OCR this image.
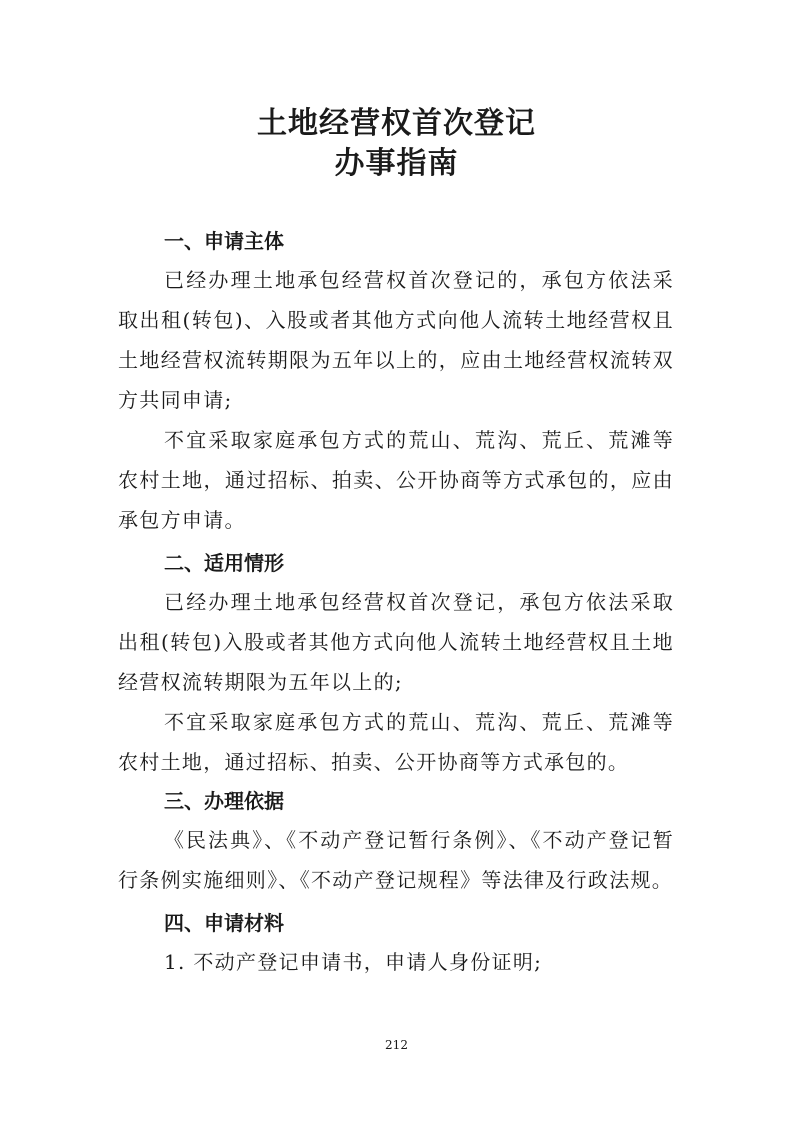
土地经营权首次登记
办事指南
一、申请主体

已经办理土地承包经营权首次登记的，承包方依法采取出租(转包)、入股或者其他方式向他人流转土地经营权且土地经营权流转期限为五年以上的，应由土地经营权流转双方共同申请;

不宜采取家庭承包方式的荒山、荒沟、荒丘、荒滩等农村土地，通过招标、拍卖、公开协商等方式承包的，应由承包方申请。

二、适用情形

已经办理土地承包经营权首次登记，承包方依法采取出租(转包)入股或者其他方式向他人流转土地经营权且土地经营权流转期限为五年以上的;

不宜采取家庭承包方式的荒山、荒沟、荒丘、荒滩等农村土地，通过招标、拍卖、公开协商等方式承包的。

三、办理依据

《民法典》、《不动产登记暂行条例》、《不动产登记暂行条例实施细则》、《不动产登记规程》等法律及行政法规。

四、申请材料

1. 不动产登记申请书，申请人身份证明;

212
